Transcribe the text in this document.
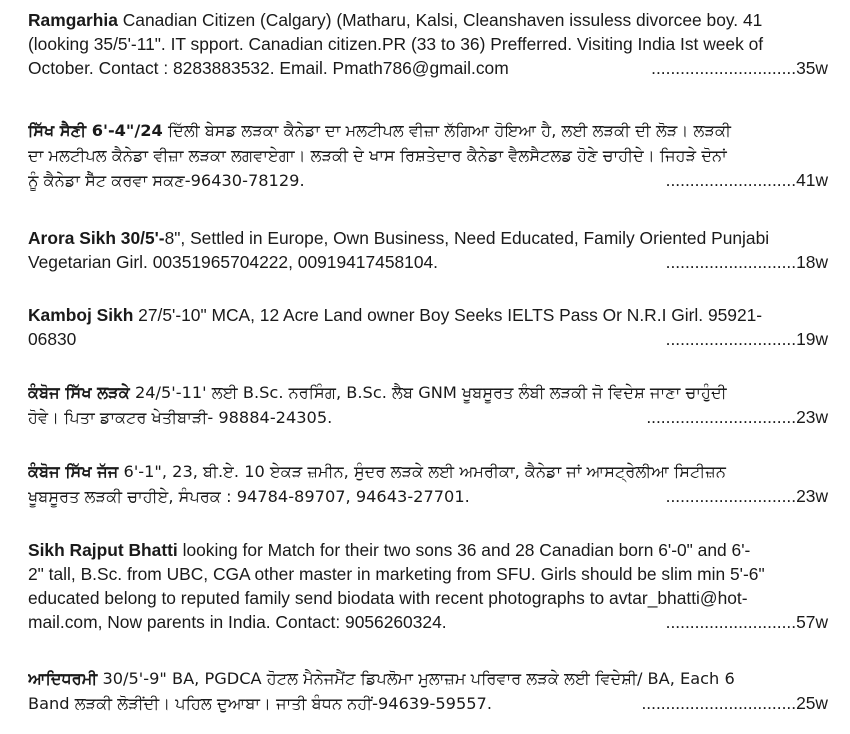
Ramgarhia Canadian Citizen (Calgary) (Matharu, Kalsi, Cleanshaven issuless divorcee boy. 41
(looking 35/5'-11". IT spport. Canadian citizen.PR (33 to 36) Prefferred. Visiting India Ist week of
October. Contact : 8283883532. Email. Pmath786@gmail.com	..............................35w
ਸਿੱਖ ਸੈਣੀ 6'-4"/24 ਦਿੱਲੀ ਬੇਸਡ ਲੜਕਾ ਕੈਨੇਡਾ ਦਾ ਮਲਟੀਪਲ ਵੀਜ਼ਾ ਲੱਗਿਆ ਹੋਇਆ ਹੈ, ਲਈ ਲੜਕੀ ਦੀ ਲੋੜ। ਲੜਕੀ
ਦਾ ਮਲਟੀਪਲ ਕੈਨੇਡਾ ਵੀਜ਼ਾ ਲੜਕਾ ਲਗਵਾਏਗਾ। ਲੜਕੀ ਦੇ ਖਾਸ ਰਿਸ਼ਤੇਦਾਰ ਕੈਨੇਡਾ ਵੈਲਸੈਟਲਡ ਹੋਣੇ ਚਾਹੀਦੇ। ਜਿਹੜੇ ਦੋਨਾਂ
ਨੂੰ ਕੈਨੇਡਾ ਸੈੱਟ ਕਰਵਾ ਸਕਣ-96430-78129.	...........................41w
Arora Sikh 30/5'-8", Settled in Europe, Own Business, Need Educated, Family Oriented Punjabi
Vegetarian Girl. 00351965704222, 00919417458104.	...........................18w
Kamboj Sikh 27/5'-10" MCA, 12 Acre Land owner Boy Seeks IELTS Pass Or N.R.I Girl. 95921-
06830	...........................19w
ਕੰਬੋਜ ਸਿੱਖ ਲੜਕੇ 24/5'-11' ਲਈ B.Sc. ਨਰਸਿੰਗ, B.Sc. ਲੈਬ GNM ਖੂਬਸੂਰਤ ਲੰਬੀ ਲੜਕੀ ਜੋ ਵਿਦੇਸ਼ ਜਾਣਾ ਚਾਹੁੰਦੀ
ਹੋਵੇ। ਪਿਤਾ ਡਾਕਟਰ ਖੇਤੀਬਾੜੀ- 98884-24305.	...............................23w
ਕੰਬੋਜ ਸਿੱਖ ਜੱਜ 6'-1", 23, ਬੀ.ਏ. 10 ਏਕੜ ਜ਼ਮੀਨ, ਸੁੰਦਰ ਲੜਕੇ ਲਈ ਅਮਰੀਕਾ, ਕੈਨੇਡਾ ਜਾਂ ਆਸਟ੍ਰੇਲੀਆ ਸਿਟੀਜ਼ਨ
ਖੂਬਸੂਰਤ ਲੜਕੀ ਚਾਹੀਏ, ਸੰਪਰਕ : 94784-89707, 94643-27701.	...........................23w
Sikh Rajput Bhatti looking for Match for their two sons 36 and 28 Canadian born 6'-0" and 6'-
2" tall, B.Sc. from UBC, CGA other master in marketing from SFU. Girls should be slim min 5'-6"
educated belong to reputed family send biodata with recent photographs to avtar_bhatti@hot-
mail.com, Now parents in India. Contact: 9056260324.	...........................57w
ਆਦਿਧਰਮੀ 30/5'-9" BA, PGDCA ਹੋਟਲ ਮੈਨੇਜਮੈਂਟ ਡਿਪਲੋਮਾ ਮੁਲਾਜ਼ਮ ਪਰਿਵਾਰ ਲੜਕੇ ਲਈ ਵਿਦੇਸ਼ੀ/ BA, Each 6
Band ਲੜਕੀ ਲੋੜੀਂਦੀ। ਪਹਿਲ ਦੁਆਬਾ। ਜਾਤੀ ਬੰਧਨ ਨਹੀਂ-94639-59557.	................................25w
